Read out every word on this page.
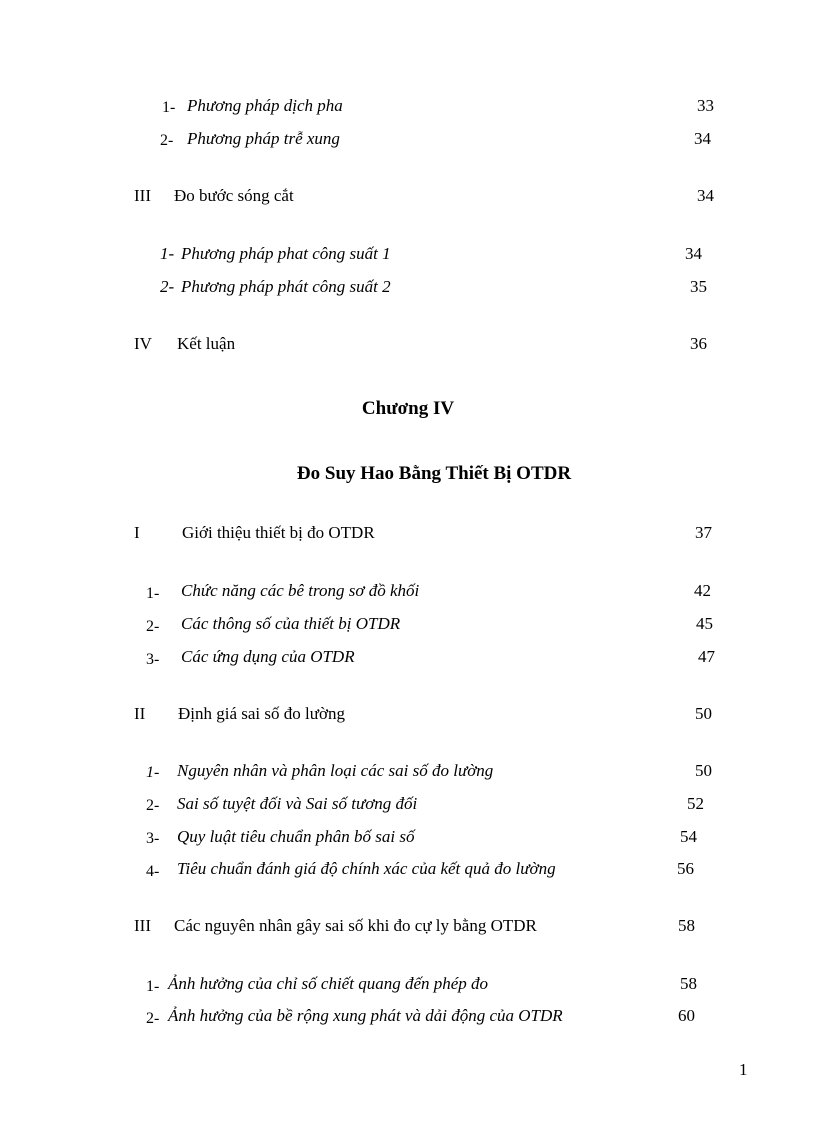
1- Phương pháp dịch pha	33
2- Phương pháp trễ xung	34
III Đo bước sóng cắt	34
1- Phương pháp phat công suất 1	34
2- Phương pháp phát công suất 2	35
IV Kết luận	36
Chương IV
Đo Suy Hao Bằng Thiết Bị OTDR
I Giới thiệu thiết bị đo OTDR	37
1- Chức năng các bê trong sơ đồ khối	42
2- Các thông số của thiết bị OTDR	45
3- Các ứng dụng của OTDR	47
II Định giá sai số đo lường	50
1- Nguyên nhân và phân loại các sai số đo lường	50
2- Sai số tuyệt đối và Sai số tương đối	52
3- Quy luật tiêu chuẩn phân bố sai số	54
4- Tiêu chuẩn đánh giá độ chính xác của kết quả đo lường	56
III Các nguyên nhân gây sai số khi đo cự ly bằng OTDR	58
1- Ảnh hưởng của chỉ số chiết quang đến phép đo	58
2- Ảnh hưởng của bề rộng xung phát và dải động của OTDR	60
1
